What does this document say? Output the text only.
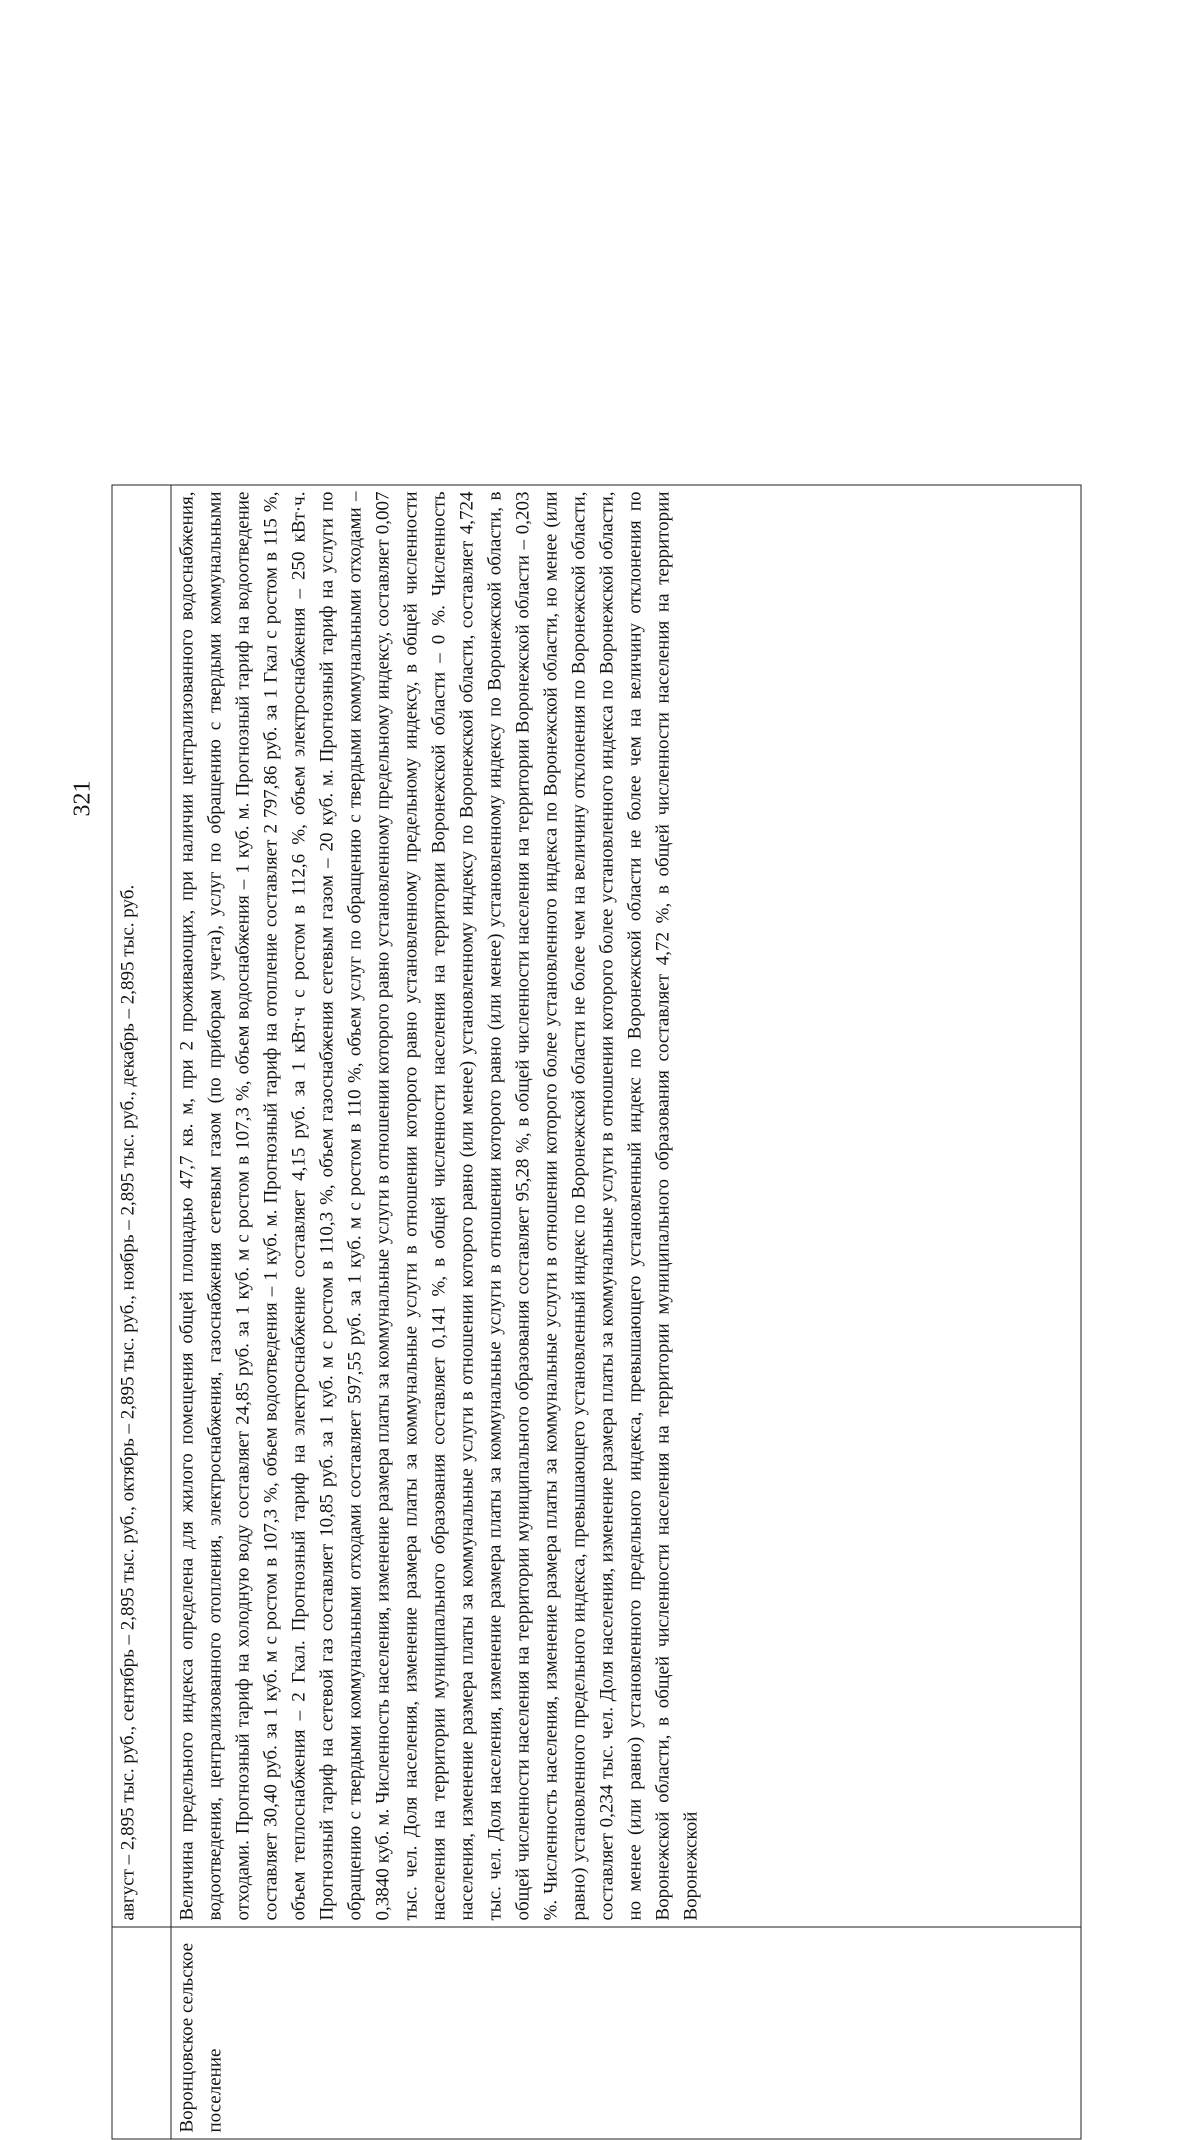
321
	август – 2,895 тыс. руб., сентябрь – 2,895 тыс. руб., октябрь – 2,895 тыс. руб., ноябрь – 2,895 тыс. руб., декабрь – 2,895 тыс. руб.
Воронцовское сельское поселение	Величина предельного индекса определена для жилого помещения общей площадью 47,7 кв. м, при 2 проживающих, при наличии централизованного водоснабжения, водоотведения, централизованного отопления, электроснабжения, газоснабжения сетевым газом (по приборам учета), услуг по обращению с твердыми коммунальными отходами. Прогнозный тариф на холодную воду составляет 24,85 руб. за 1 куб. м с ростом в 107,3 %, объем водоснабжения – 1 куб. м. Прогнозный тариф на водоотведение составляет 30,40 руб. за 1 куб. м с ростом в 107,3 %, объем водоотведения – 1 куб. м. Прогнозный тариф на отопление составляет 2 797,86 руб. за 1 Гкал с ростом в 115 %, объем теплоснабжения – 2 Гкал. Прогнозный тариф на электроснабжение составляет 4,15 руб. за 1 кВт·ч с ростом в 112,6 %, объем электроснабжения – 250 кВт·ч. Прогнозный тариф на сетевой газ составляет 10,85 руб. за 1 куб. м с ростом в 110,3 %, объем газоснабжения сетевым газом – 20 куб. м. Прогнозный тариф на услуги по обращению с твердыми коммунальными отходами составляет 597,55 руб. за 1 куб. м с ростом в 110 %, объем услуг по обращению с твердыми коммунальными отходами – 0,3840 куб. м. Численность населения, изменение размера платы за коммунальные услуги в отношении которого равно установленному предельному индексу, составляет 0,007 тыс. чел. Доля населения, изменение размера платы за коммунальные услуги в отношении которого равно установленному предельному индексу, в общей численности населения на территории муниципального образования составляет 0,141 %, в общей численности населения на территории Воронежской области – 0 %. Численность населения, изменение размера платы за коммунальные услуги в отношении которого равно (или менее) установленному индексу по Воронежской области, составляет 4,724 тыс. чел. Доля населения, изменение размера платы за коммунальные услуги в отношении которого равно (или менее) установленному индексу по Воронежской области, в общей численности населения на территории муниципального образования составляет 95,28 %, в общей численности населения на территории Воронежской области – 0,203 %. Численность населения, изменение размера платы за коммунальные услуги в отношении которого более установленного индекса по Воронежской области, но менее (или равно) установленного предельного индекса, превышающего установленный индекс по Воронежской области не более чем на величину отклонения по Воронежской области, составляет 0,234 тыс. чел. Доля населения, изменение размера платы за коммунальные услуги в отношении которого более установленного индекса по Воронежской области, но менее (или равно) установленного предельного индекса, превышающего установленный индекс по Воронежской области не более чем на величину отклонения по Воронежской области, в общей численности населения на территории муниципального образования составляет 4,72 %, в общей численности населения на территории Воронежской
